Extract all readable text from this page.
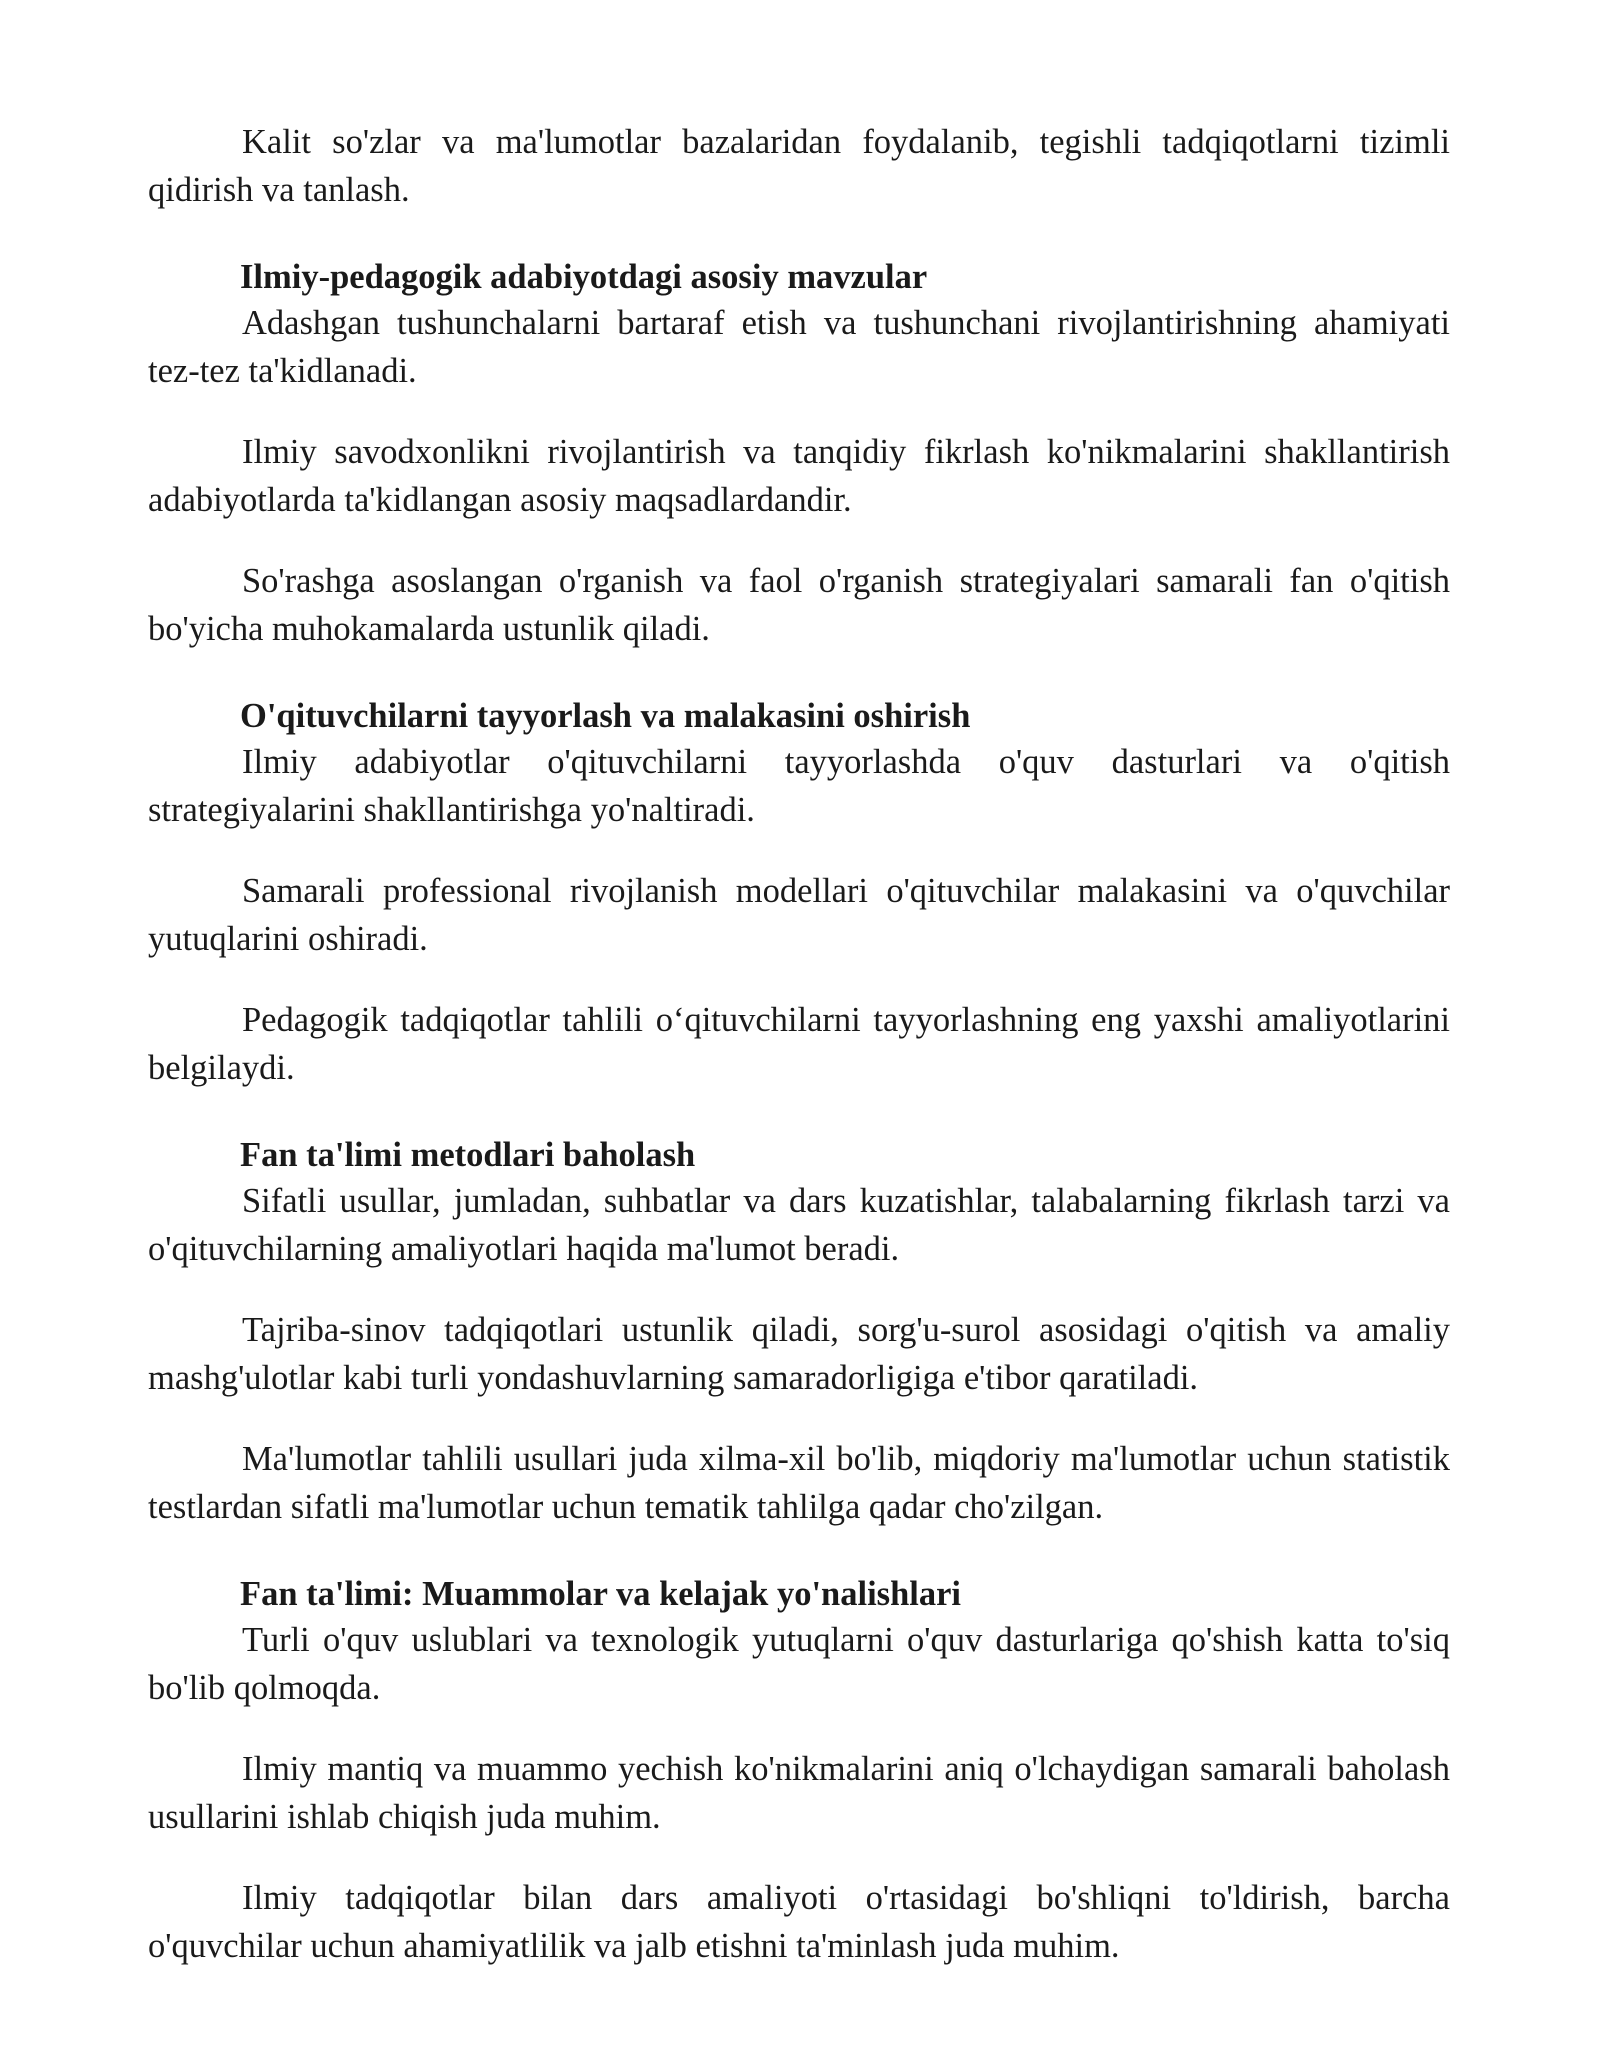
Kalit so'zlar va ma'lumotlar bazalaridan foydalanib, tegishli tadqiqotlarni tizimli qidirish va tanlash.

Ilmiy-pedagogik adabiyotdagi asosiy mavzular

Adashgan tushunchalarni bartaraf etish va tushunchani rivojlantirishning ahamiyati tez-tez ta'kidlanadi.

Ilmiy savodxonlikni rivojlantirish va tanqidiy fikrlash ko'nikmalarini shakllantirish adabiyotlarda ta'kidlangan asosiy maqsadlardandir.

So'rashga asoslangan o'rganish va faol o'rganish strategiyalari samarali fan o'qitish bo'yicha muhokamalarda ustunlik qiladi.

O'qituvchilarni tayyorlash va malakasini oshirish

Ilmiy adabiyotlar o'qituvchilarni tayyorlashda o'quv dasturlari va o'qitish strategiyalarini shakllantirishga yo'naltiradi.

Samarali professional rivojlanish modellari o'qituvchilar malakasini va o'quvchilar yutuqlarini oshiradi.

Pedagogik tadqiqotlar tahlili o‘qituvchilarni tayyorlashning eng yaxshi amaliyotlarini belgilaydi.

Fan ta'limi metodlari baholash

Sifatli usullar, jumladan, suhbatlar va dars kuzatishlar, talabalarning fikrlash tarzi va o'qituvchilarning amaliyotlari haqida ma'lumot beradi.

Tajriba-sinov tadqiqotlari ustunlik qiladi, sorg'u-surol asosidagi o'qitish va amaliy mashg'ulotlar kabi turli yondashuvlarning samaradorligiga e'tibor qaratiladi.

Ma'lumotlar tahlili usullari juda xilma-xil bo'lib, miqdoriy ma'lumotlar uchun statistik testlardan sifatli ma'lumotlar uchun tematik tahlilga qadar cho'zilgan.

Fan ta'limi: Muammolar va kelajak yo'nalishlari

Turli o'quv uslublari va texnologik yutuqlarni o'quv dasturlariga qo'shish katta to'siq bo'lib qolmoqda.

Ilmiy mantiq va muammo yechish ko'nikmalarini aniq o'lchaydigan samarali baholash usullarini ishlab chiqish juda muhim.

Ilmiy tadqiqotlar bilan dars amaliyoti o'rtasidagi bo'shliqni to'ldirish, barcha o'quvchilar uchun ahamiyatlilik va jalb etishni ta'minlash juda muhim.
